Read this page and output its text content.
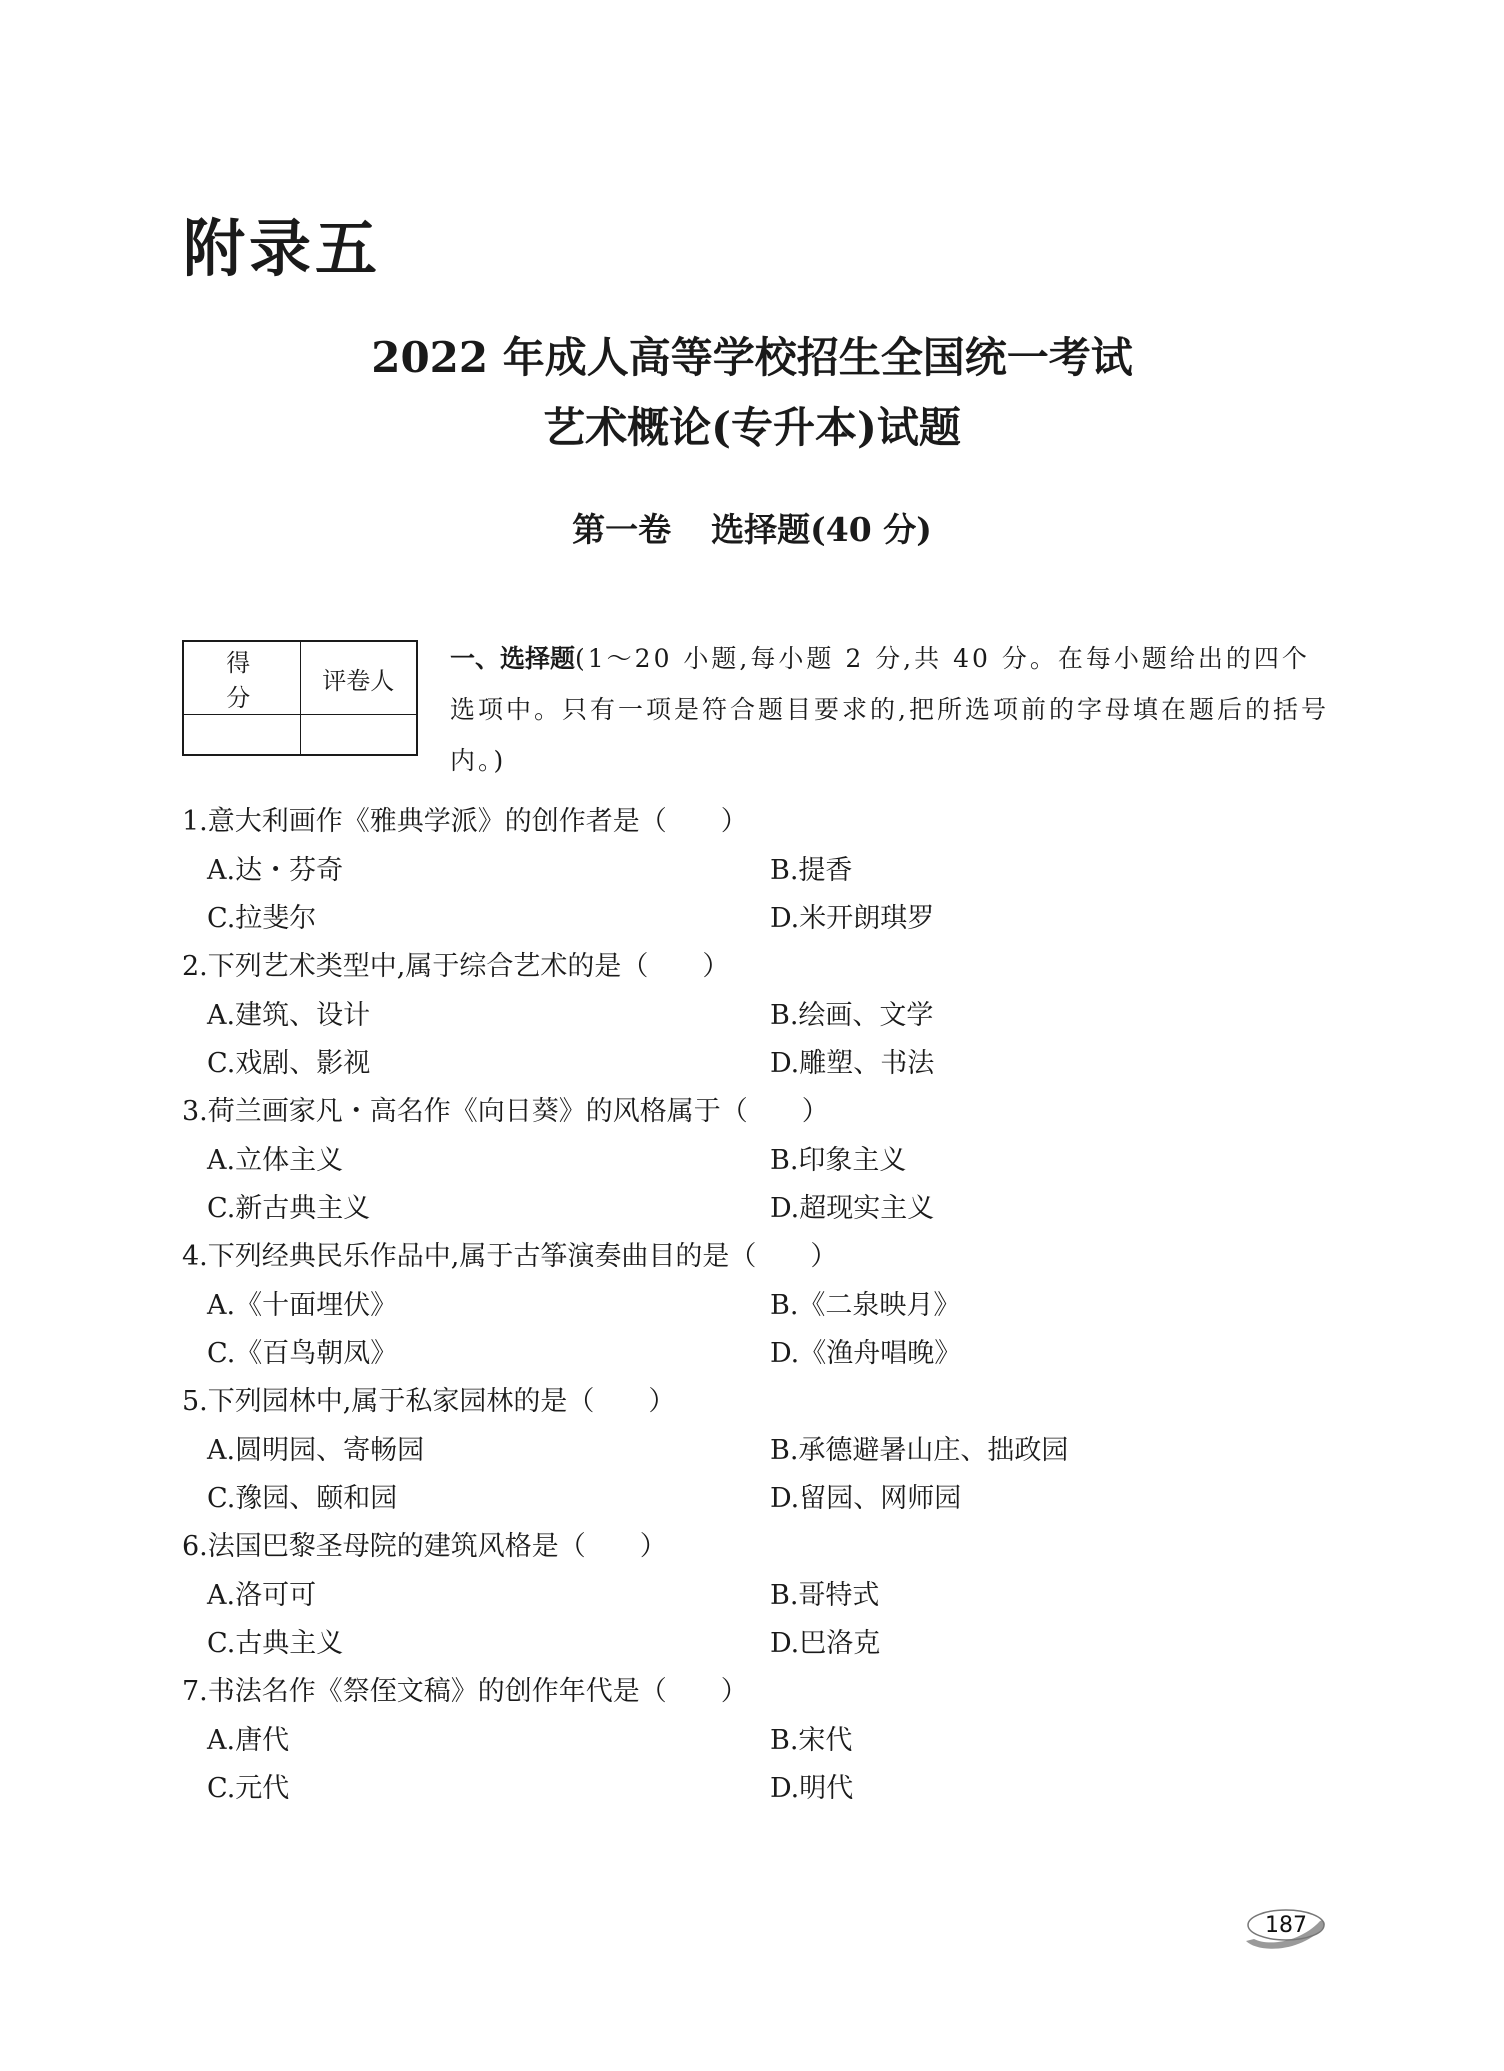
附录五
2022 年成人高等学校招生全国统一考试
艺术概论(专升本)试题
第一卷 选择题(40 分)
得 分	评卷人

一、选择题(1～20 小题,每小题 2 分,共 40 分。在每小题给出的四个选项中。只有一项是符合题目要求的,把所选项前的字母填在题后的括号内。)
1.意大利画作《雅典学派》的创作者是（　　）
A.达・芬奇	B.提香
C.拉斐尔	D.米开朗琪罗
2.下列艺术类型中,属于综合艺术的是（　　）
A.建筑、设计	B.绘画、文学
C.戏剧、影视	D.雕塑、书法
3.荷兰画家凡・高名作《向日葵》的风格属于（　　）
A.立体主义	B.印象主义
C.新古典主义	D.超现实主义
4.下列经典民乐作品中,属于古筝演奏曲目的是（　　）
A.《十面埋伏》	B.《二泉映月》
C.《百鸟朝凤》	D.《渔舟唱晚》
5.下列园林中,属于私家园林的是（　　）
A.圆明园、寄畅园	B.承德避暑山庄、拙政园
C.豫园、颐和园	D.留园、网师园
6.法国巴黎圣母院的建筑风格是（　　）
A.洛可可	B.哥特式
C.古典主义	D.巴洛克
7.书法名作《祭侄文稿》的创作年代是（　　）
A.唐代	B.宋代
C.元代	D.明代
187
